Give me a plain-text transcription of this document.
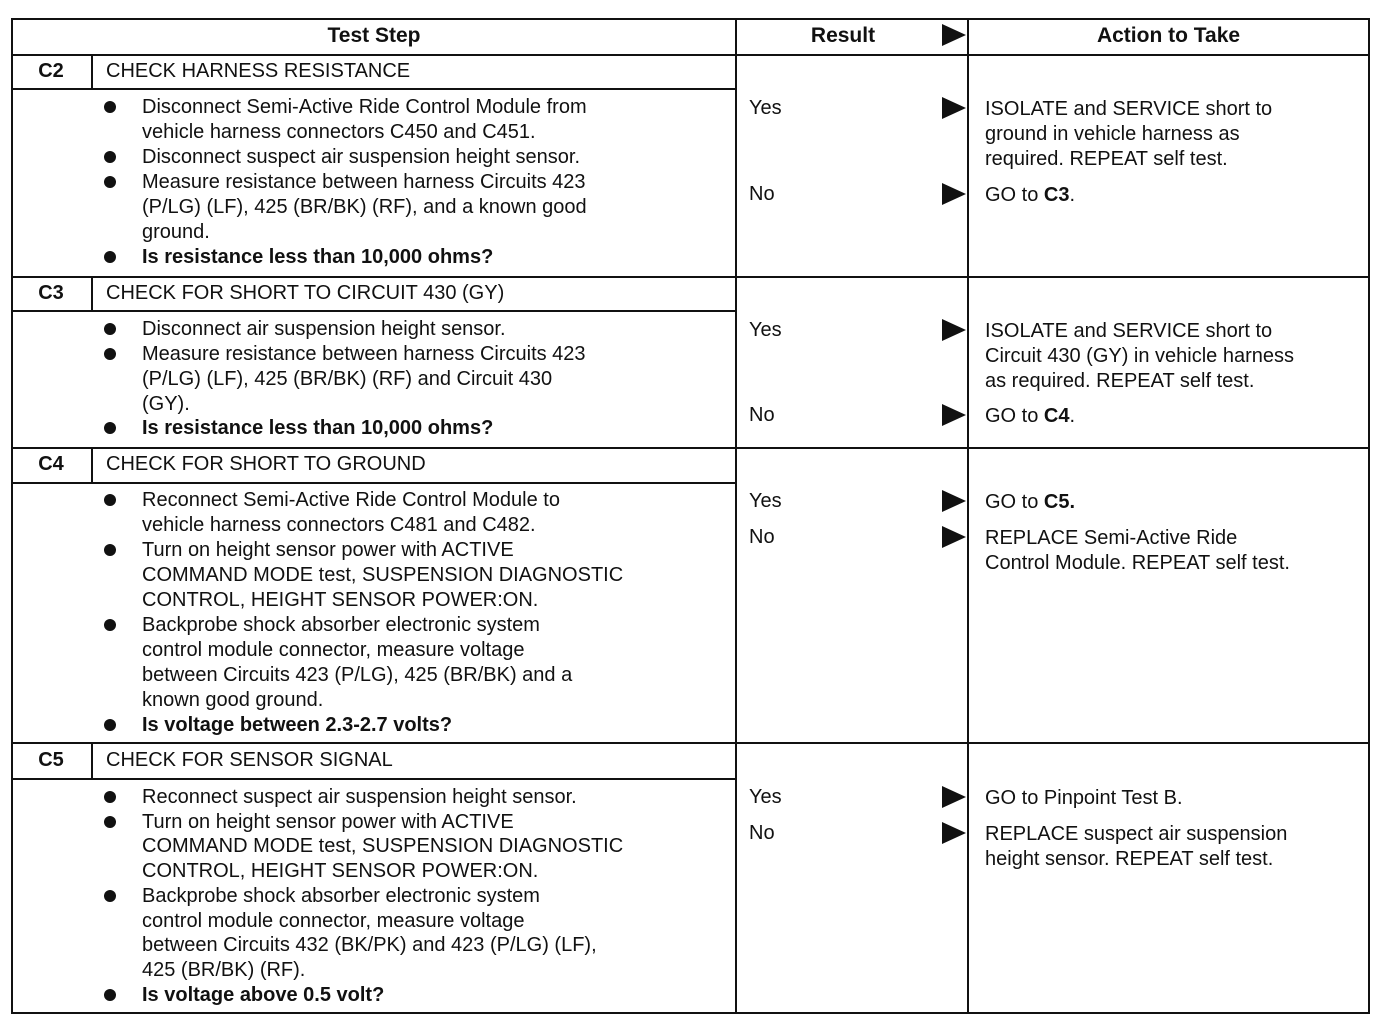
Test Step	Result	Action to Take
C2	CHECK HARNESS RESISTANCE
Disconnect Semi-Active Ride Control Module from
vehicle harness connectors C450 and C451.
Disconnect suspect air suspension height sensor.
Measure resistance between harness Circuits 423
(P/LG) (LF), 425 (BR/BK) (RF), and a known good
ground.
Is resistance less than 10,000 ohms?
Yes	ISOLATE and SERVICE short to
ground in vehicle harness as
required. REPEAT self test.
No	GO to C3.
C3	CHECK FOR SHORT TO CIRCUIT 430 (GY)
Disconnect air suspension height sensor.
Measure resistance between harness Circuits 423
(P/LG) (LF), 425 (BR/BK) (RF) and Circuit 430
(GY).
Is resistance less than 10,000 ohms?
Yes	ISOLATE and SERVICE short to
Circuit 430 (GY) in vehicle harness
as required. REPEAT self test.
No	GO to C4.
C4	CHECK FOR SHORT TO GROUND
Reconnect Semi-Active Ride Control Module to
vehicle harness connectors C481 and C482.
Turn on height sensor power with ACTIVE
COMMAND MODE test, SUSPENSION DIAGNOSTIC
CONTROL, HEIGHT SENSOR POWER:ON.
Backprobe shock absorber electronic system
control module connector, measure voltage
between Circuits 423 (P/LG), 425 (BR/BK) and a
known good ground.
Is voltage between 2.3-2.7 volts?
Yes	GO to C5.
No	REPLACE Semi-Active Ride
Control Module. REPEAT self test.
C5	CHECK FOR SENSOR SIGNAL
Reconnect suspect air suspension height sensor.
Turn on height sensor power with ACTIVE
COMMAND MODE test, SUSPENSION DIAGNOSTIC
CONTROL, HEIGHT SENSOR POWER:ON.
Backprobe shock absorber electronic system
control module connector, measure voltage
between Circuits 432 (BK/PK) and 423 (P/LG) (LF),
425 (BR/BK) (RF).
Is voltage above 0.5 volt?
Yes	GO to Pinpoint Test B.
No	REPLACE suspect air suspension
height sensor. REPEAT self test.
